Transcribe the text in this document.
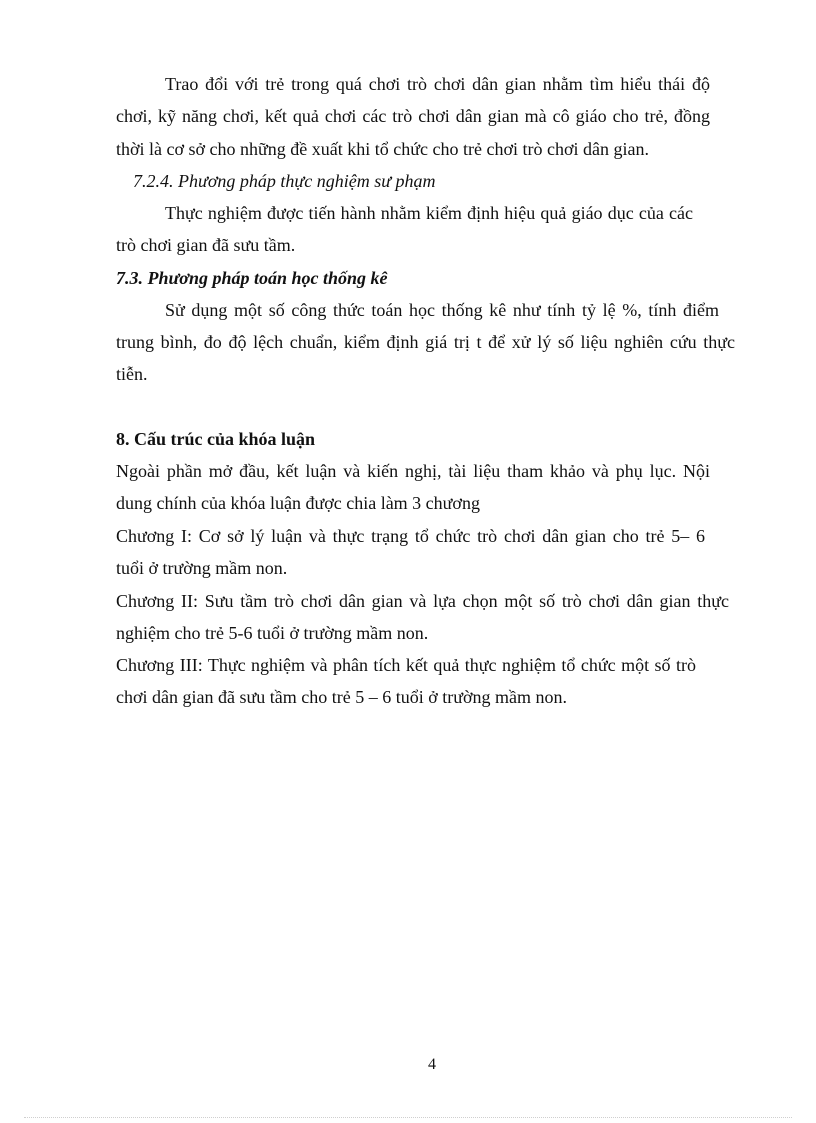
Trao đổi với trẻ trong quá chơi trò chơi dân gian nhằm tìm hiểu thái độ
chơi, kỹ năng chơi, kết quả chơi các trò chơi dân gian mà cô giáo cho trẻ, đồng
thời là cơ sở cho những đề xuất khi tổ chức cho trẻ chơi trò chơi dân gian.
7.2.4. Phương pháp thực nghiệm sư phạm
Thực nghiệm được tiến hành nhằm kiểm định hiệu quả giáo dục của các
trò chơi gian đã sưu tầm.
7.3. Phương pháp toán học thống kê
Sử dụng một số công thức toán học thống kê như tính tỷ lệ %, tính điểm
trung bình, đo độ lệch chuẩn, kiểm định giá trị t để xử lý số liệu nghiên cứu thực
tiễn.
8. Cấu trúc của khóa luận
Ngoài phần mở đầu, kết luận và kiến nghị, tài liệu tham khảo và phụ lục. Nội
dung chính của khóa luận được chia làm 3 chương
Chương I: Cơ sở lý luận và thực trạng tổ chức trò chơi dân gian cho trẻ 5– 6
tuổi ở trường mầm non.
Chương II: Sưu tầm trò chơi dân gian và lựa chọn một số trò chơi dân gian thực
nghiệm cho trẻ 5-6 tuổi ở trường mầm non.
Chương III: Thực nghiệm và phân tích kết quả thực nghiệm tổ chức một số trò
chơi dân gian đã sưu tầm cho trẻ 5 – 6 tuổi ở trường mầm non.
4
